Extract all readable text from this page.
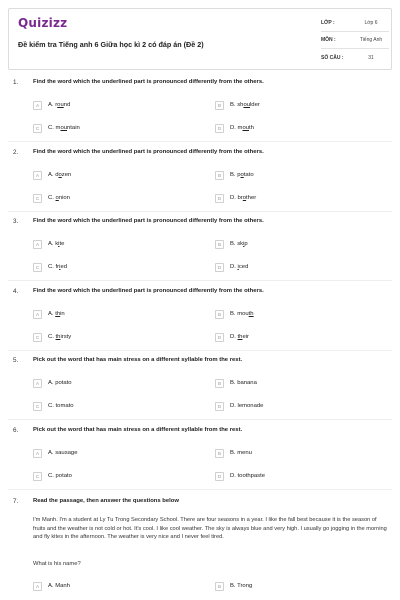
Quizizz
Đề kiểm tra Tiếng anh 6 Giữa học kì 2 có đáp án (Đề 2)
LỚP :	Lớp 6
MÔN :	Tiếng Anh
SỐ CÂU :	31
1. Find the word which the underlined part is pronounced differently from the others.
A	A. round	B	B. shoulder
C	C. mountain	D	D. mouth
2. Find the word which the underlined part is pronounced differently from the others.
A	A. dozen	B	B. potato
C	C. onion	D	D. brother
3. Find the word which the underlined part is pronounced differently from the others.
A	A. kite	B	B. skip
C	C. fried	D	D. iced
4. Find the word which the underlined part is pronounced differently from the others.
A	A. thin	B	B. mouth
C	C. thirsty	D	D. their
5. Pick out the word that has main stress on a different syllable from the rest.
A	A. potato	B	B. banana
C	C. tomato	D	D. lemonade
6. Pick out the word that has main stress on a different syllable from the rest.
A	A. sausage	B	B. menu
C	C. potato	D	D. toothpaste
7. Read the passage, then answer the questions below
I'm Manh. I'm a student at Ly Tu Trong Secondary School. There are four seasons in a year. I like the fall best because it is the season of fruits and the weather is not cold or hot. It's cool. I like cool weather. The sky is always blue and very high. I usually go jogging in the morning and fly kites in the afternoon. The weather is very nice and I never feel tired.
What is his name?
A	A. Manh	B	B. Trong
